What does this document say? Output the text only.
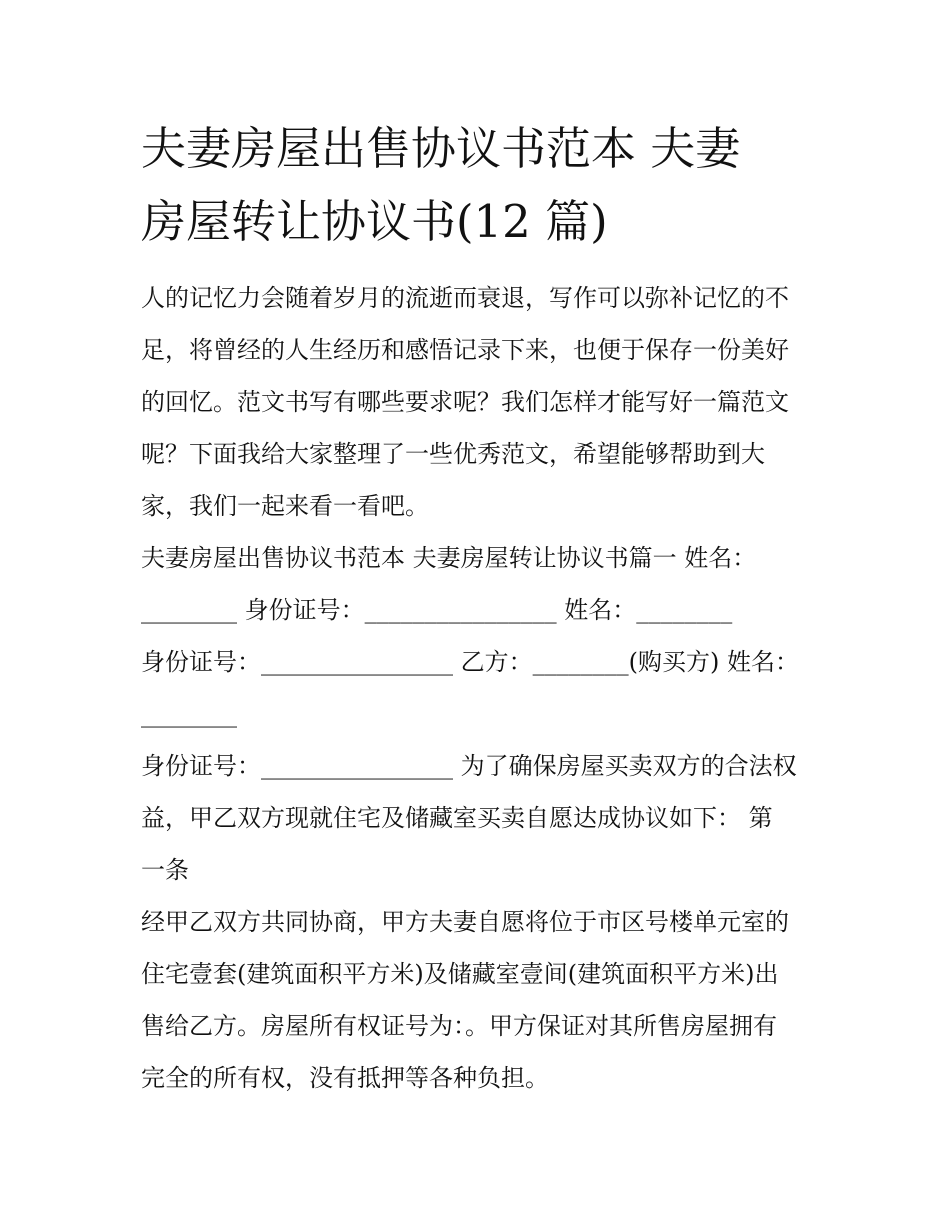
夫妻房屋出售协议书范本 夫妻
房屋转让协议书(12 篇)
人的记忆力会随着岁月的流逝而衰退，写作可以弥补记忆的不
足，将曾经的人生经历和感悟记录下来，也便于保存一份美好
的回忆。范文书写有哪些要求呢？我们怎样才能写好一篇范文
呢？下面我给大家整理了一些优秀范文，希望能够帮助到大
家，我们一起来看一看吧。
夫妻房屋出售协议书范本 夫妻房屋转让协议书篇一 姓名：
________ 身份证号：________________ 姓名：________
身份证号：________________ 乙方：________(购买方) 姓名：
________
身份证号：________________ 为了确保房屋买卖双方的合法权
益，甲乙双方现就住宅及储藏室买卖自愿达成协议如下： 第
一条
经甲乙双方共同协商，甲方夫妻自愿将位于市区号楼单元室的
住宅壹套(建筑面积平方米)及储藏室壹间(建筑面积平方米)出
售给乙方。房屋所有权证号为：。甲方保证对其所售房屋拥有
完全的所有权，没有抵押等各种负担。
